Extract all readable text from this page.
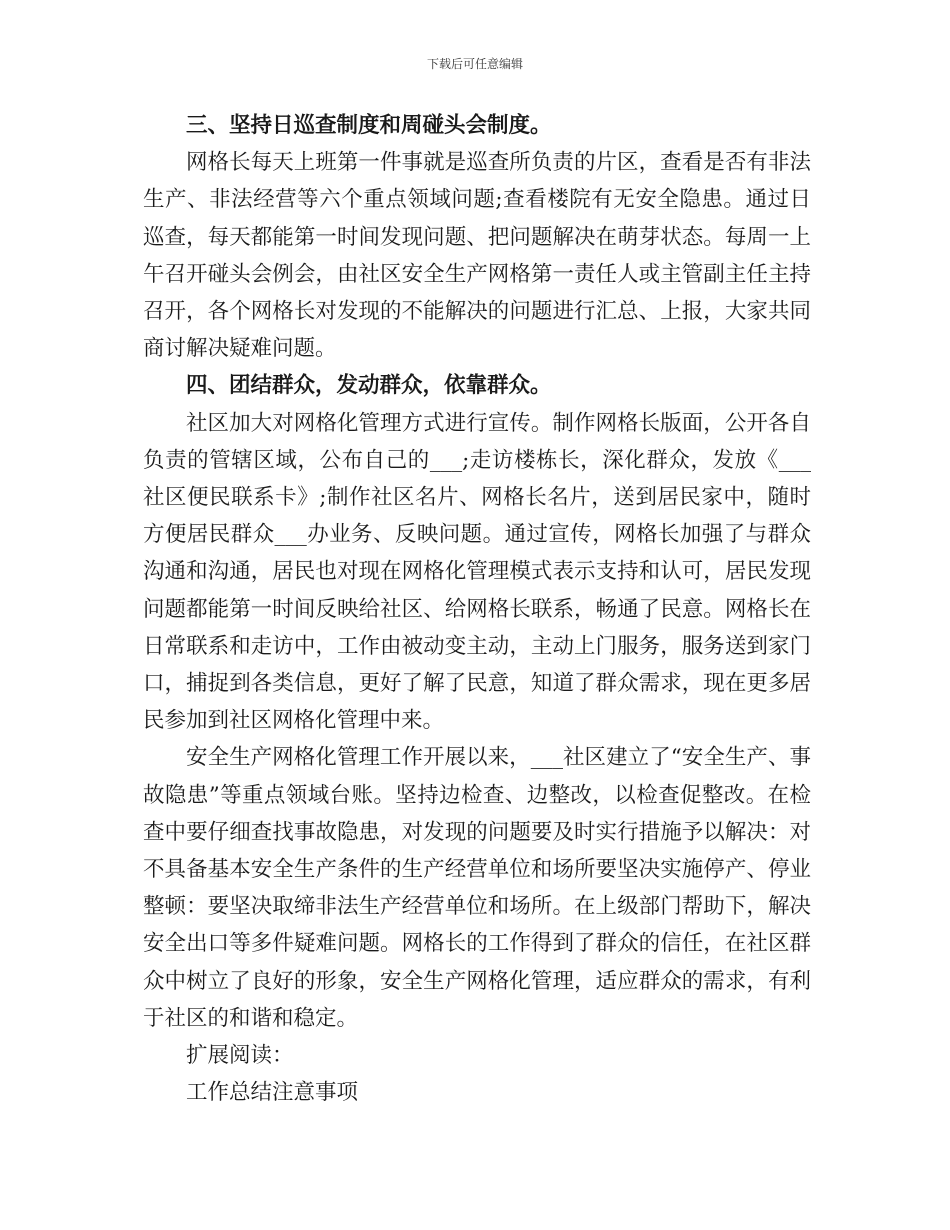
下载后可任意编辑
三、坚持日巡查制度和周碰头会制度。

网格长每天上班第一件事就是巡查所负责的片区，查看是否有非法生产、非法经营等六个重点领域问题;查看楼院有无安全隐患。通过日巡查，每天都能第一时间发现问题、把问题解决在萌芽状态。每周一上午召开碰头会例会，由社区安全生产网格第一责任人或主管副主任主持召开，各个网格长对发现的不能解决的问题进行汇总、上报，大家共同商讨解决疑难问题。

四、团结群众，发动群众，依靠群众。

社区加大对网格化管理方式进行宣传。制作网格长版面，公开各自负责的管辖区域，公布自己的___;走访楼栋长，深化群众，发放《___社区便民联系卡》;制作社区名片、网格长名片，送到居民家中，随时方便居民群众___办业务、反映问题。通过宣传，网格长加强了与群众沟通和沟通，居民也对现在网格化管理模式表示支持和认可，居民发现问题都能第一时间反映给社区、给网格长联系，畅通了民意。网格长在日常联系和走访中，工作由被动变主动，主动上门服务，服务送到家门口，捕捉到各类信息，更好了解了民意，知道了群众需求，现在更多居民参加到社区网格化管理中来。

安全生产网格化管理工作开展以来，___社区建立了“安全生产、事故隐患”等重点领域台账。坚持边检查、边整改，以检查促整改。在检查中要仔细查找事故隐患，对发现的问题要及时实行措施予以解决：对不具备基本安全生产条件的生产经营单位和场所要坚决实施停产、停业整顿：要坚决取缔非法生产经营单位和场所。在上级部门帮助下，解决安全出口等多件疑难问题。网格长的工作得到了群众的信任，在社区群众中树立了良好的形象，安全生产网格化管理，适应群众的需求，有利于社区的和谐和稳定。

扩展阅读：

工作总结注意事项
